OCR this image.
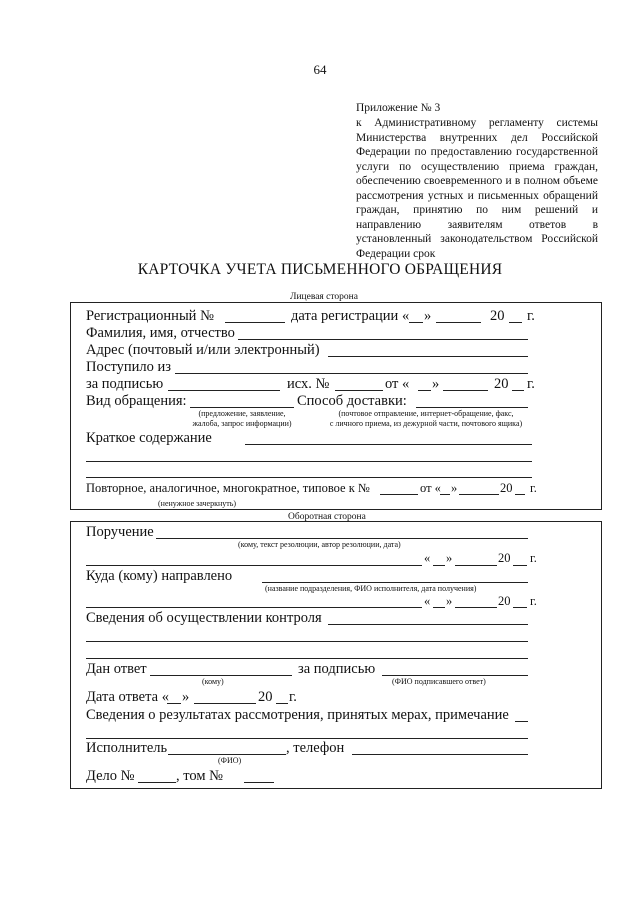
64
Приложение № 3
к Административному регламенту системы
Министерства внутренних дел Российской
Федерации по предоставлению государственной
услуги по осуществлению приема граждан,
обеспечению своевременного и в полном объеме
рассмотрения устных и письменных обращений
граждан, принятию по ним решений и
направлению заявителям ответов в
установленный законодательством Российской
Федерации срок
КАРТОЧКА УЧЕТА ПИСЬМЕННОГО ОБРАЩЕНИЯ
Лицевая сторона
Регистрационный №	дата регистрации « »	20 г.
Фамилия, имя, отчество
Адрес (почтовый и/или электронный)
Поступило из
за подписью	исх. №	от « »	20 г.
Вид обращения:	Способ доставки:
(предложение, заявление,
жалоба, запрос информации)
(почтовое отправление, интернет-обращение, факс,
с личного приема, из дежурной части, почтового ящика)
Краткое содержание
Повторное, аналогичное, многократное, типовое к №	от « »	20 г.
(ненужное зачеркнуть)
Оборотная сторона
Поручение
(кому, текст резолюции, автор резолюции, дата)
« »	20 г.
Куда (кому) направлено
(название подразделения, ФИО исполнителя, дата получения)
« »	20 г.
Сведения об осуществлении контроля
Дан ответ	за подписью
(кому)	(ФИО подписавшего ответ)
Дата ответа « »	20 г.
Сведения о результатах рассмотрения, принятых мерах, примечание
Исполнитель	, телефон
(ФИО)
Дело №	, том №
